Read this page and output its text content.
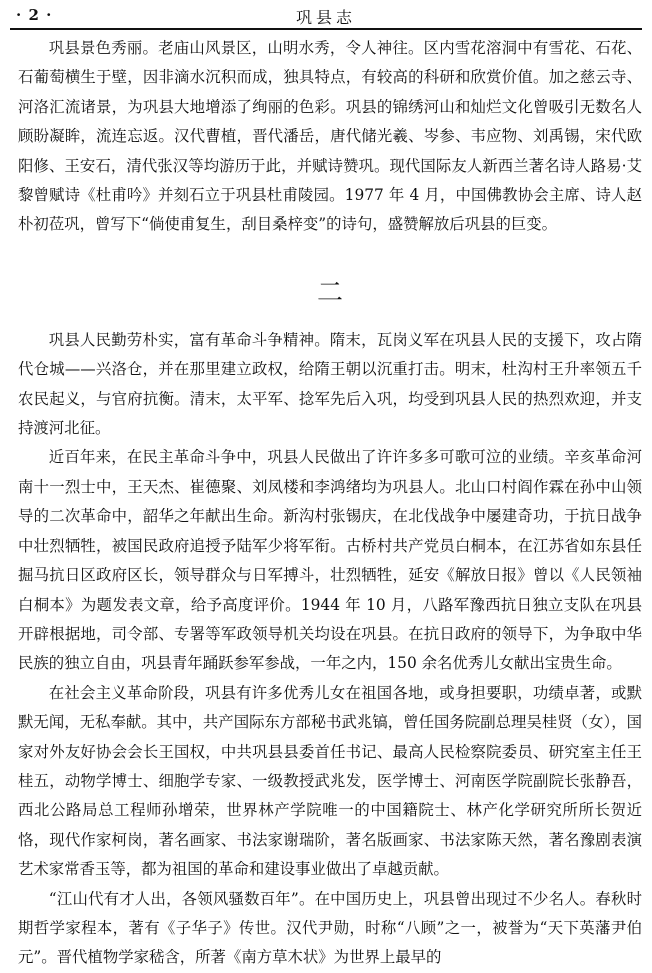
· 2 ·	巩县志

巩县景色秀丽。老庙山风景区，山明水秀，令人神往。区内雪花溶洞中有雪花、石花、石葡萄横生于壁，因非滴水沉积而成，独具特点，有较高的科研和欣赏价值。加之慈云寺、河洛汇流诸景，为巩县大地增添了绚丽的色彩。巩县的锦绣河山和灿烂文化曾吸引无数名人顾盼凝眸，流连忘返。汉代曹植，晋代潘岳，唐代储光羲、岑参、韦应物、刘禹锡，宋代欧阳修、王安石，清代张汉等均游历于此，并赋诗赞巩。现代国际友人新西兰著名诗人路易·艾黎曾赋诗《杜甫吟》并刻石立于巩县杜甫陵园。1977 年 4 月，中国佛教协会主席、诗人赵朴初莅巩，曾写下“倘使甫复生，刮目桑梓变”的诗句，盛赞解放后巩县的巨变。

二

巩县人民勤劳朴实，富有革命斗争精神。隋末，瓦岗义军在巩县人民的支援下，攻占隋代仓城——兴洛仓，并在那里建立政权，给隋王朝以沉重打击。明末，杜沟村王升率领五千农民起义，与官府抗衡。清末，太平军、捻军先后入巩，均受到巩县人民的热烈欢迎，并支持渡河北征。

近百年来，在民主革命斗争中，巩县人民做出了许许多多可歌可泣的业绩。辛亥革命河南十一烈士中，王天杰、崔德聚、刘凤楼和李鸿绪均为巩县人。北山口村阎作霖在孙中山领导的二次革命中，韶华之年献出生命。新沟村张锡庆，在北伐战争中屡建奇功，于抗日战争中壮烈牺牲，被国民政府追授予陆军少将军衔。古桥村共产党员白桐本，在江苏省如东县任掘马抗日区政府区长，领导群众与日军搏斗，壮烈牺牲，延安《解放日报》曾以《人民领袖白桐本》为题发表文章，给予高度评价。1944 年 10 月，八路军豫西抗日独立支队在巩县开辟根据地，司令部、专署等军政领导机关均设在巩县。在抗日政府的领导下，为争取中华民族的独立自由，巩县青年踊跃参军参战，一年之内，150 余名优秀儿女献出宝贵生命。

在社会主义革命阶段，巩县有许多优秀儿女在祖国各地，或身担要职，功绩卓著，或默默无闻，无私奉献。其中，共产国际东方部秘书武兆镐，曾任国务院副总理吴桂贤（女），国家对外友好协会会长王国权，中共巩县县委首任书记、最高人民检察院委员、研究室主任王桂五，动物学博士、细胞学专家、一级教授武兆发，医学博士、河南医学院副院长张静吾，西北公路局总工程师孙增荣，世界林产学院唯一的中国籍院士、林产化学研究所所长贺近恪，现代作家柯岗，著名画家、书法家谢瑞阶，著名版画家、书法家陈天然，著名豫剧表演艺术家常香玉等，都为祖国的革命和建设事业做出了卓越贡献。

“江山代有才人出，各领风骚数百年”。在中国历史上，巩县曾出现过不少名人。春秋时期哲学家程本，著有《子华子》传世。汉代尹勋，时称“八顾”之一，被誉为“天下英藩尹伯元”。晋代植物学家嵇含，所著《南方草木状》为世界上最早的
